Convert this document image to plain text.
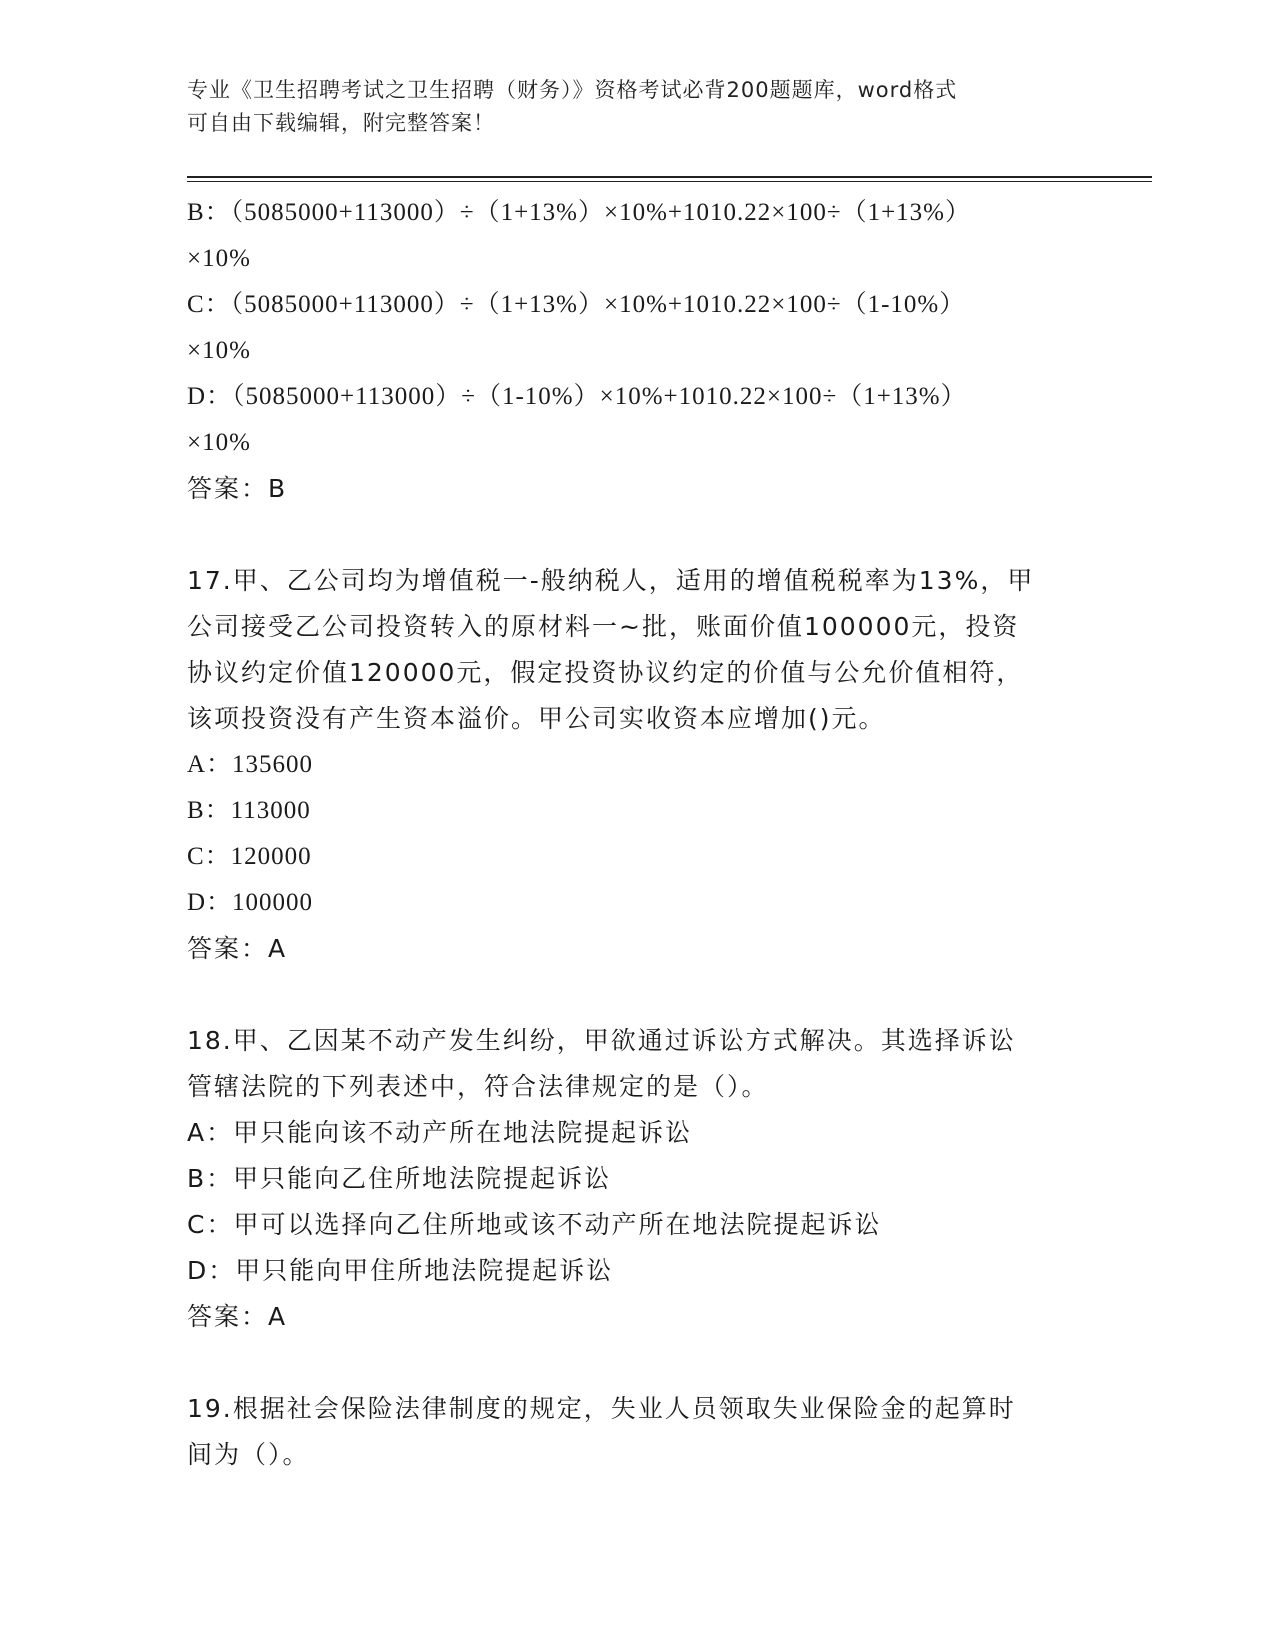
专业《卫生招聘考试之卫生招聘（财务）》资格考试必背200题题库，word格式
可自由下载编辑，附完整答案！
B：（5085000+113000）÷（1+13%）×10%+1010.22×100÷（1+13%）
×10%
C：（5085000+113000）÷（1+13%）×10%+1010.22×100÷（1-10%）
×10%
D：（5085000+113000）÷（1-10%）×10%+1010.22×100÷（1+13%）
×10%
答案：B
17.甲、乙公司均为增值税一-般纳税人，适用的增值税税率为13%，甲
公司接受乙公司投资转入的原材料一~批，账面价值100000元，投资
协议约定价值120000元，假定投资协议约定的价值与公允价值相符，
该项投资没有产生资本溢价。甲公司实收资本应增加()元。
A：135600
B：113000
C：120000
D：100000
答案：A
18.甲、乙因某不动产发生纠纷，甲欲通过诉讼方式解决。其选择诉讼
管辖法院的下列表述中，符合法律规定的是（）。
A：甲只能向该不动产所在地法院提起诉讼
B：甲只能向乙住所地法院提起诉讼
C：甲可以选择向乙住所地或该不动产所在地法院提起诉讼
D：甲只能向甲住所地法院提起诉讼
答案：A
19.根据社会保险法律制度的规定，失业人员领取失业保险金的起算时
间为（）。
